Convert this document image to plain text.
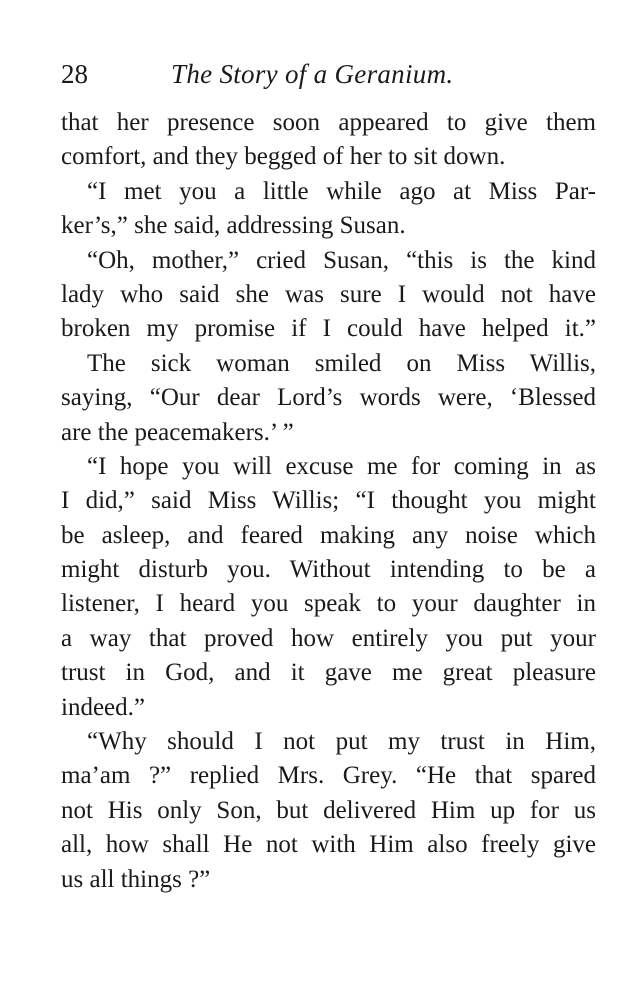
28	The Story of a Geranium.

that her presence soon appeared to give them
comfort, and they begged of her to sit down.

“I met you a little while ago at Miss Par-
ker’s,” she said, addressing Susan.

“Oh, mother,” cried Susan, “this is the kind
lady who said she was sure I would not have
broken my promise if I could have helped it.”

The sick woman smiled on Miss Willis,
saying, “Our dear Lord’s words were, ‘Blessed
are the peacemakers.’ ”

“I hope you will excuse me for coming in as
I did,” said Miss Willis; “I thought you might
be asleep, and feared making any noise which
might disturb you. Without intending to be a
listener, I heard you speak to your daughter in
a way that proved how entirely you put your
trust in God, and it gave me great pleasure
indeed.”

“Why should I not put my trust in Him,
ma’am ?” replied Mrs. Grey. “He that spared
not His only Son, but delivered Him up for us
all, how shall He not with Him also freely give
us all things ?”
